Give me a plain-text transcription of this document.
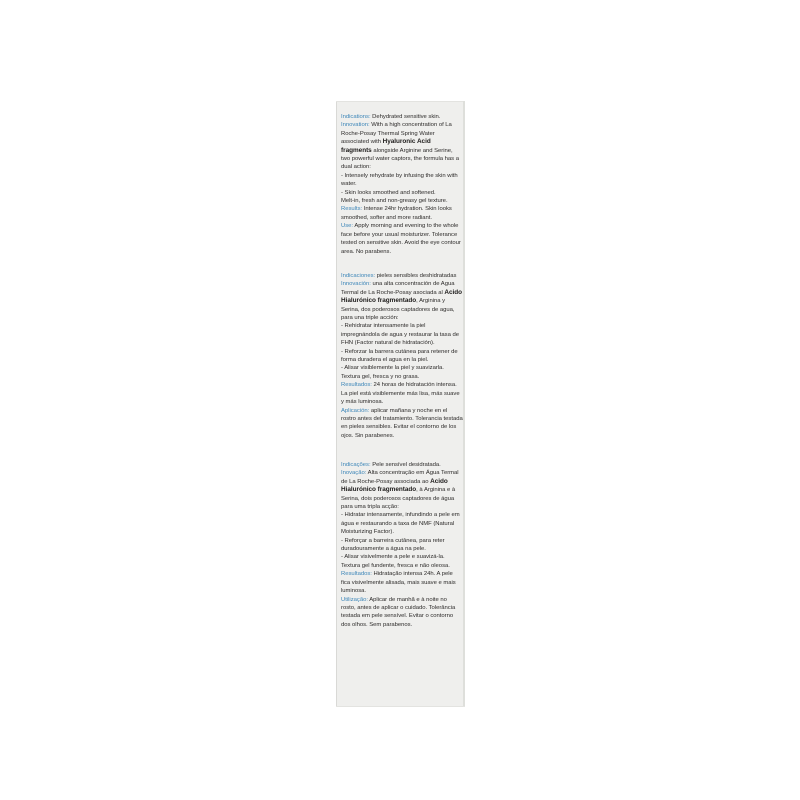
Indications: Dehydrated sensitive skin.
Innovation: With a high concentration of La Roche-Posay Thermal Spring Water associated with Hyaluronic Acid fragments alongside Arginine and Serine, two powerful water captors, the formula has a dual action:
- Intensely rehydrate by infusing the skin with water.
- Skin looks smoothed and softened.
Melt-in, fresh and non-greasy gel texture.
Results: Intense 24hr hydration. Skin looks smoothed, softer and more radiant.
Use: Apply morning and evening to the whole face before your usual moisturizer. Tolerance tested on sensitive skin. Avoid the eye contour area. No parabens.
Indicaciones: pieles sensibles deshidratadas
Innovación: una alta concentración de Agua Termal de La Roche-Posay asociada al Acido Hialurónico fragmentado, Arginina y Serina, dos poderosos captadores de agua, para una triple acción:
- Rehidratar intensamente la piel impregnándola de agua y restaurar la tasa de FHN (Factor natural de hidratación).
- Reforzar la barrera cutánea para retener de forma duradera el agua en la piel.
- Alisar visiblemente la piel y suavizarla. Textura gel, fresca y no grasa.
Resultados: 24 horas de hidratación intensa. La piel está visiblemente más lisa, más suave y más luminosa.
Aplicación: aplicar mañana y noche en el rostro antes del tratamiento. Tolerancia testada en pieles sensibles. Evitar el contorno de los ojos. Sin parabenes.
Indicações: Pele sensível desidratada.
Inovação: Alta concentração em Água Termal de La Roche-Posay associada ao Acido Hialurónico fragmentado, à Arginina e à Serina, dois poderosos captadores de água para uma tripla acção:
- Hidratar intensamente, infundindo a pele em água e restaurando a taxa de NMF (Natural Moisturizing Factor).
- Reforçar a barreira cutânea, para reter duradouramente a água na pele.
- Alisar visivelmente a pele e suavizá-la.
Textura gel fundente, fresca e não oleosa.
Resultados: Hidratação intensa 24h. A pele fica visivelmente alisada, mais suave e mais luminosa.
Utilização: Aplicar de manhã e à noite no rosto, antes de aplicar o cuidado. Tolerância testada em pele sensível. Evitar o contorno dos olhos. Sem parabenos.
